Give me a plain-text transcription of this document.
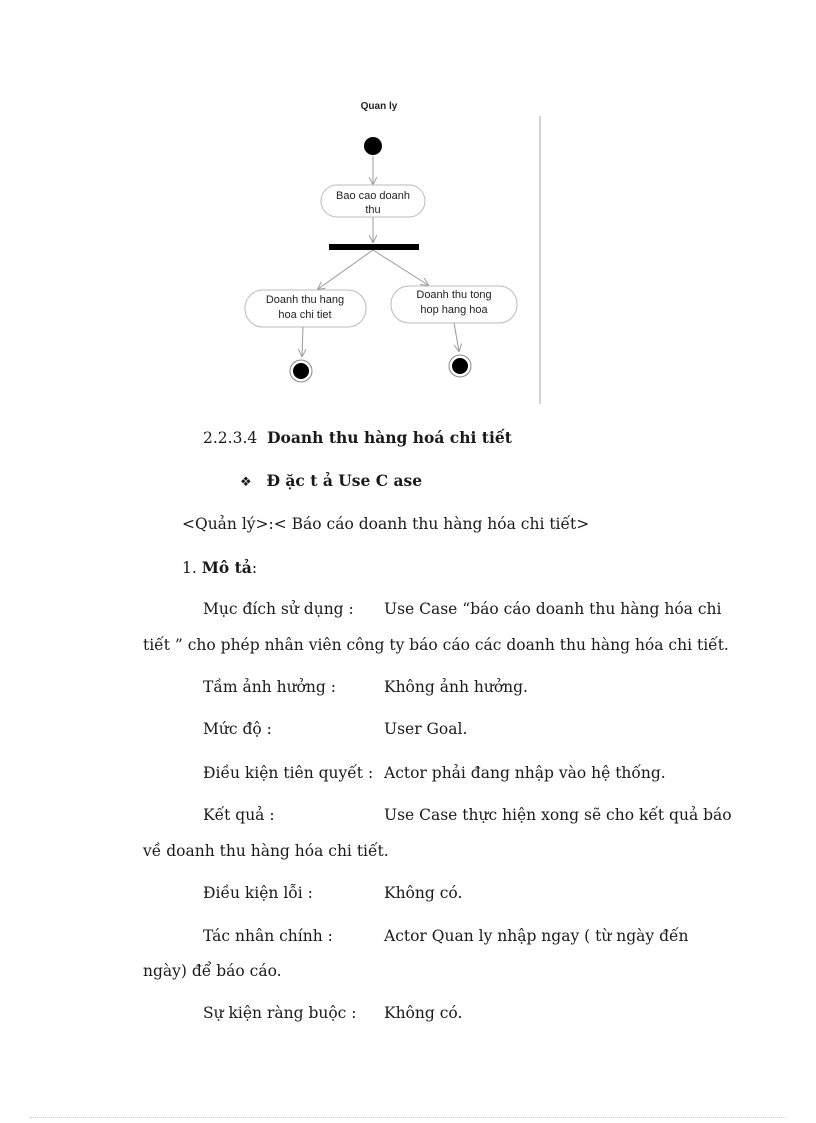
Quan ly
Bao cao doanh
thu
Doanh thu hang
hoa chi tiet
Doanh thu tong
hop hang hoa
2.2.3.4 Doanh thu hàng hoá chi tiết
❖ Đ ặc t ả Use C ase
<Quản lý>:< Báo cáo doanh thu hàng hóa chi tiết>
1. Mô tả:
Mục đích sử dụng : Use Case “báo cáo doanh thu hàng hóa chi
tiết ” cho phép nhân viên công ty báo cáo các doanh thu hàng hóa chi tiết.
Tầm ảnh hưởng :	Không ảnh hưởng.
Mức độ :	User Goal.
Điều kiện tiên quyết : Actor phải đang nhập vào hệ thống.
Kết quả :	Use Case thực hiện xong sẽ cho kết quả báo
về doanh thu hàng hóa chi tiết.
Điều kiện lỗi :	Không có.
Tác nhân chính :	Actor Quan ly nhập ngay ( từ ngày đến
ngày) để báo cáo.
Sự kiện ràng buộc : Không có.
